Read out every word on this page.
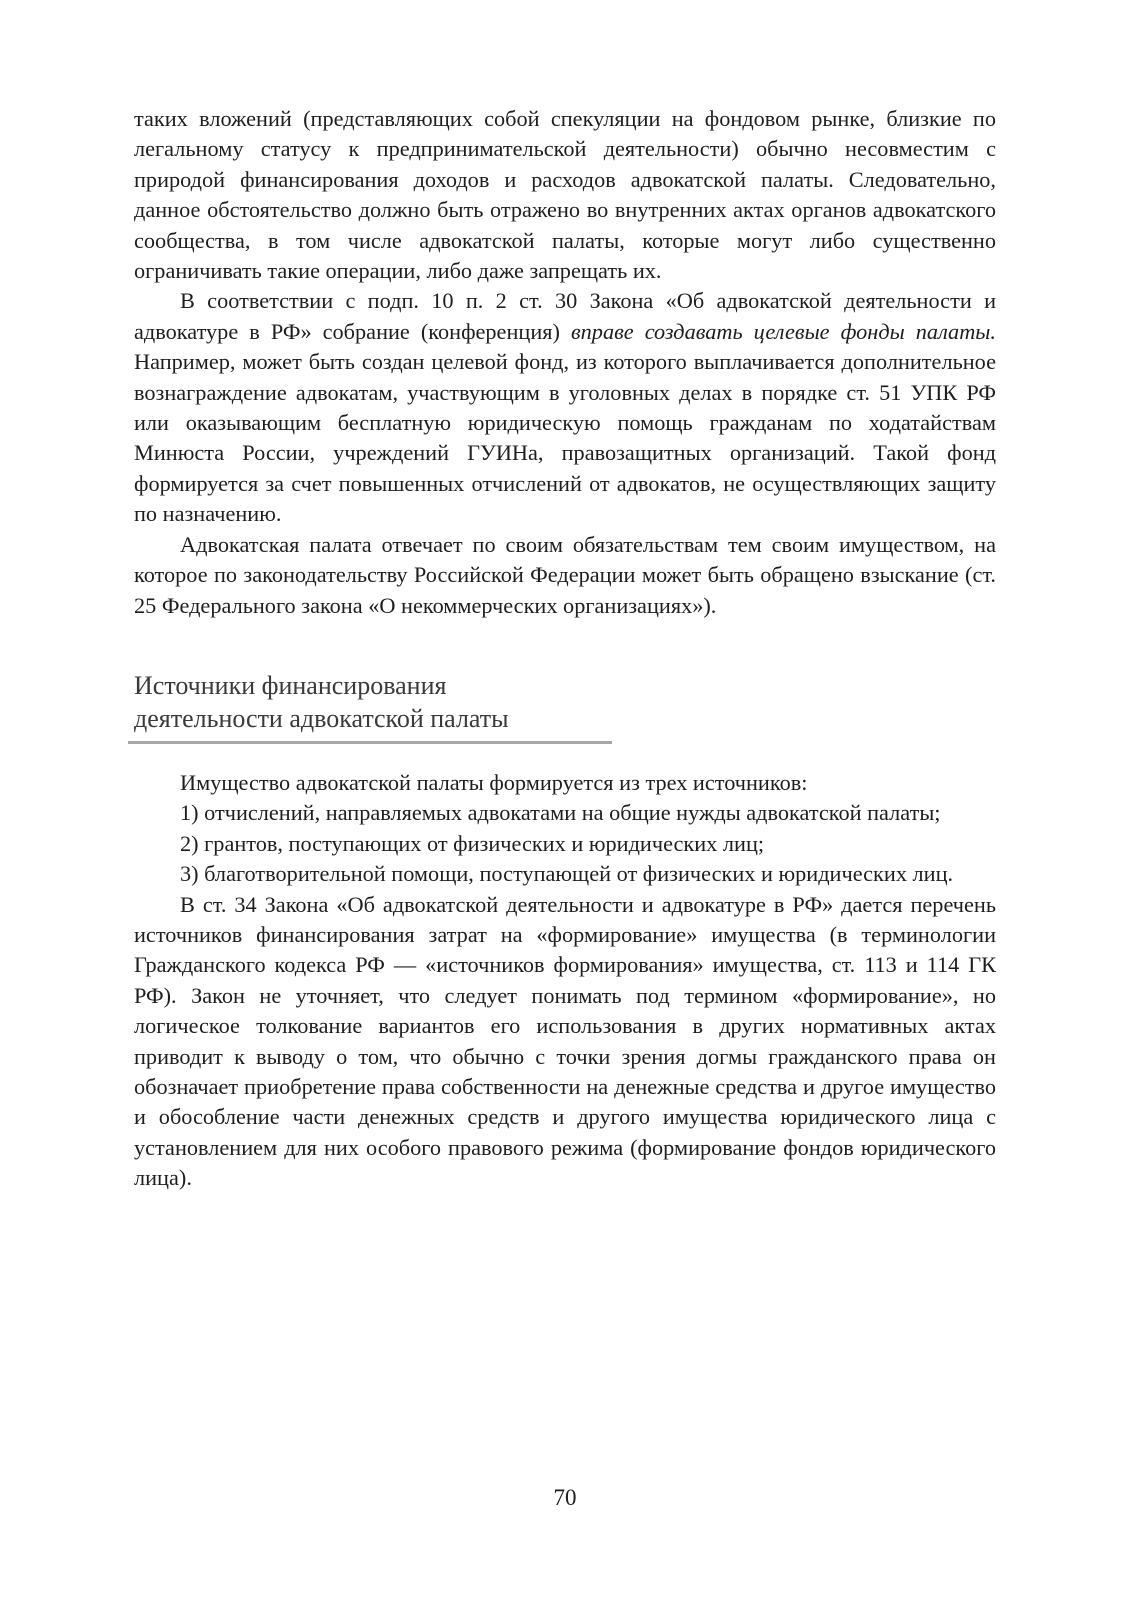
таких вложений (представляющих собой спекуляции на фондовом рынке, близкие по легальному статусу к предпринимательской деятельности) обычно несовместим с природой финансирования доходов и расходов адвокатской палаты. Следовательно, данное обстоятельство должно быть отражено во внутренних актах органов адвокатского сообщества, в том числе адвокатской палаты, которые могут либо существенно ограничивать такие операции, либо даже запрещать их.

В соответствии с подп. 10 п. 2 ст. 30 Закона «Об адвокатской деятельности и адвокатуре в РФ» собрание (конференция) вправе создавать целевые фонды палаты. Например, может быть создан целевой фонд, из которого выплачивается дополнительное вознаграждение адвокатам, участвующим в уголовных делах в порядке ст. 51 УПК РФ или оказывающим бесплатную юридическую помощь гражданам по ходатайствам Минюста России, учреждений ГУИНа, правозащитных организаций. Такой фонд формируется за счет повышенных отчислений от адвокатов, не осуществляющих защиту по назначению.

Адвокатская палата отвечает по своим обязательствам тем своим имуществом, на которое по законодательству Российской Федерации может быть обращено взыскание (ст. 25 Федерального закона «О некоммерческих организациях»).

Источники финансирования
деятельности адвокатской палаты

Имущество адвокатской палаты формируется из трех источников:

1) отчислений, направляемых адвокатами на общие нужды адвокатской палаты;

2) грантов, поступающих от физических и юридических лиц;

3) благотворительной помощи, поступающей от физических и юридических лиц.

В ст. 34 Закона «Об адвокатской деятельности и адвокатуре в РФ» дается перечень источников финансирования затрат на «формирование» имущества (в терминологии Гражданского кодекса РФ — «источников формирования» имущества, ст. 113 и 114 ГК РФ). Закон не уточняет, что следует понимать под термином «формирование», но логическое толкование вариантов его использования в других нормативных актах приводит к выводу о том, что обычно с точки зрения догмы гражданского права он обозначает приобретение права собственности на денежные средства и другое имущество и обособление части денежных средств и другого имущества юридического лица с установлением для них особого правового режима (формирование фондов юридического лица).

70
